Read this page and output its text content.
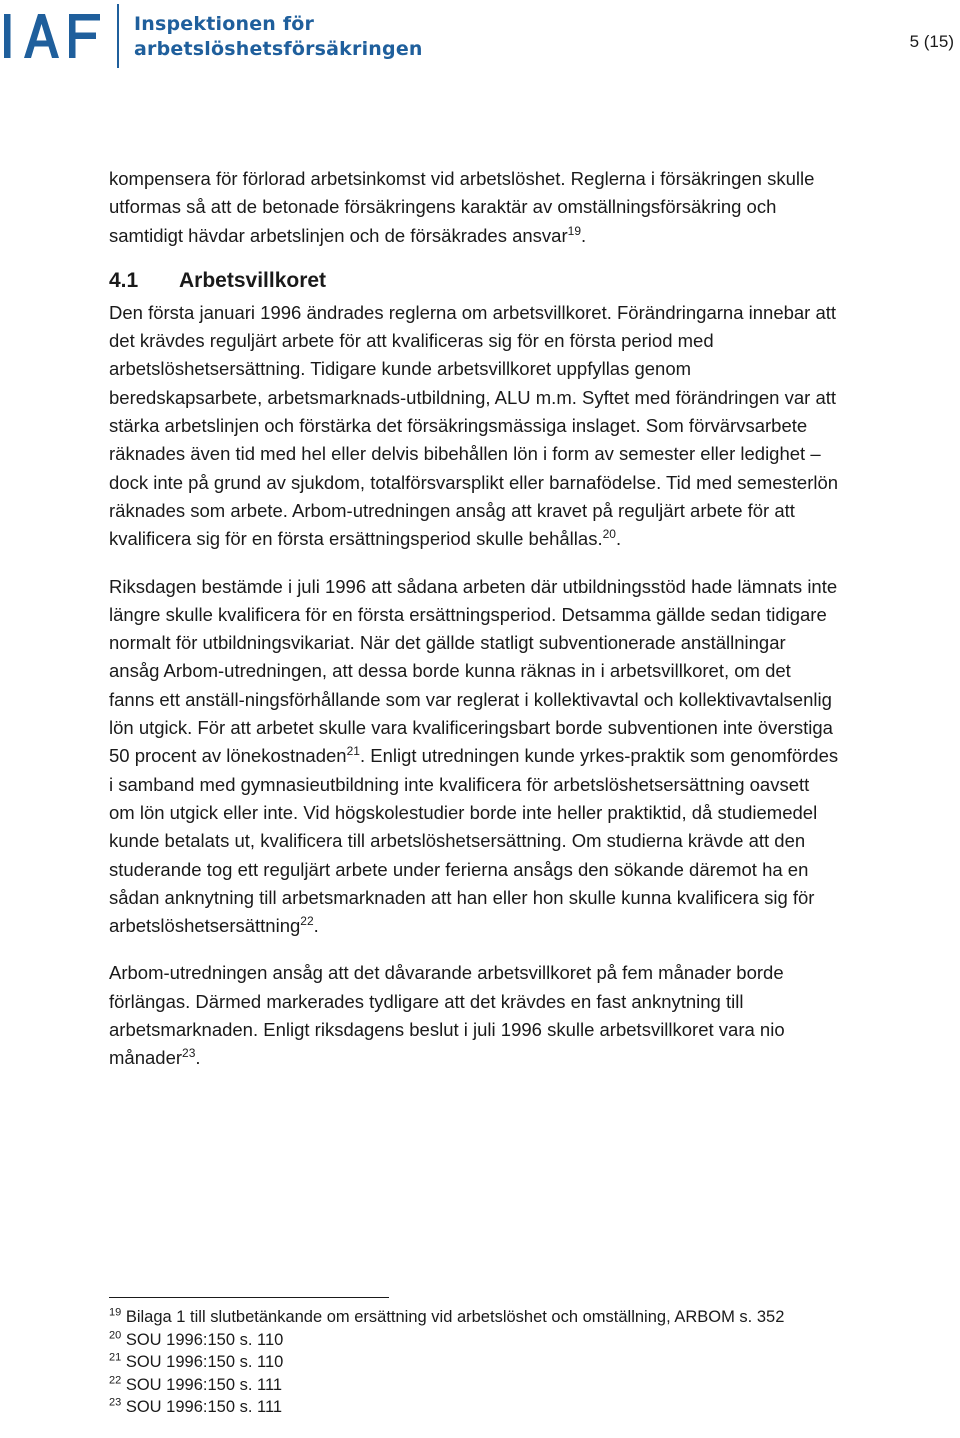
Inspektionen för
arbetslöshetsförsäkringen	5 (15)

kompensera för förlorad arbetsinkomst vid arbetslöshet. Reglerna i försäkringen skulle utformas så att de betonade försäkringens karaktär av omställningsförsäkring och samtidigt hävdar arbetslinjen och de försäkrades ansvar$^{19}$.

4.1 Arbetsvillkoret

Den första januari 1996 ändrades reglerna om arbetsvillkoret. Förändringarna innebar att det krävdes reguljärt arbete för att kvalificeras sig för en första period med arbetslöshetsersättning. Tidigare kunde arbetsvillkoret uppfyllas genom beredskapsarbete, arbetsmarknads-utbildning, ALU m.m. Syftet med förändringen var att stärka arbetslinjen och förstärka det försäkringsmässiga inslaget. Som förvärvsarbete räknades även tid med hel eller delvis bibehållen lön i form av semester eller ledighet – dock inte på grund av sjukdom, totalförsvarsplikt eller barnafödelse. Tid med semesterlön räknades som arbete. Arbom-utredningen ansåg att kravet på reguljärt arbete för att kvalificera sig för en första ersättningsperiod skulle behållas.$^{20}$.

Riksdagen bestämde i juli 1996 att sådana arbeten där utbildningsstöd hade lämnats inte längre skulle kvalificera för en första ersättningsperiod. Detsamma gällde sedan tidigare normalt för utbildningsvikariat. När det gällde statligt subventionerade anställningar ansåg Arbom-utredningen, att dessa borde kunna räknas in i arbetsvillkoret, om det fanns ett anställ-ningsförhållande som var reglerat i kollektivavtal och kollektivavtalsenlig lön utgick. För att arbetet skulle vara kvalificeringsbart borde subventionen inte överstiga 50 procent av lönekostnaden$^{21}$. Enligt utredningen kunde yrkes-praktik som genomfördes i samband med gymnasieutbildning inte kvalificera för arbetslöshetsersättning oavsett om lön utgick eller inte. Vid högskolestudier borde inte heller praktiktid, då studiemedel kunde betalats ut, kvalificera till arbetslöshetsersättning. Om studierna krävde att den studerande tog ett reguljärt arbete under ferierna ansågs den sökande däremot ha en sådan anknytning till arbetsmarknaden att han eller hon skulle kunna kvalificera sig för arbetslöshetsersättning$^{22}$.

Arbom-utredningen ansåg att det dåvarande arbetsvillkoret på fem månader borde förlängas. Därmed markerades tydligare att det krävdes en fast anknytning till arbetsmarknaden. Enligt riksdagens beslut i juli 1996 skulle arbetsvillkoret vara nio månader$^{23}$.

$^{19}$ Bilaga 1 till slutbetänkande om ersättning vid arbetslöshet och omställning, ARBOM s. 352

$^{20}$ SOU 1996:150 s. 110

$^{21}$ SOU 1996:150 s. 110

$^{22}$ SOU 1996:150 s. 111

$^{23}$ SOU 1996:150 s. 111
